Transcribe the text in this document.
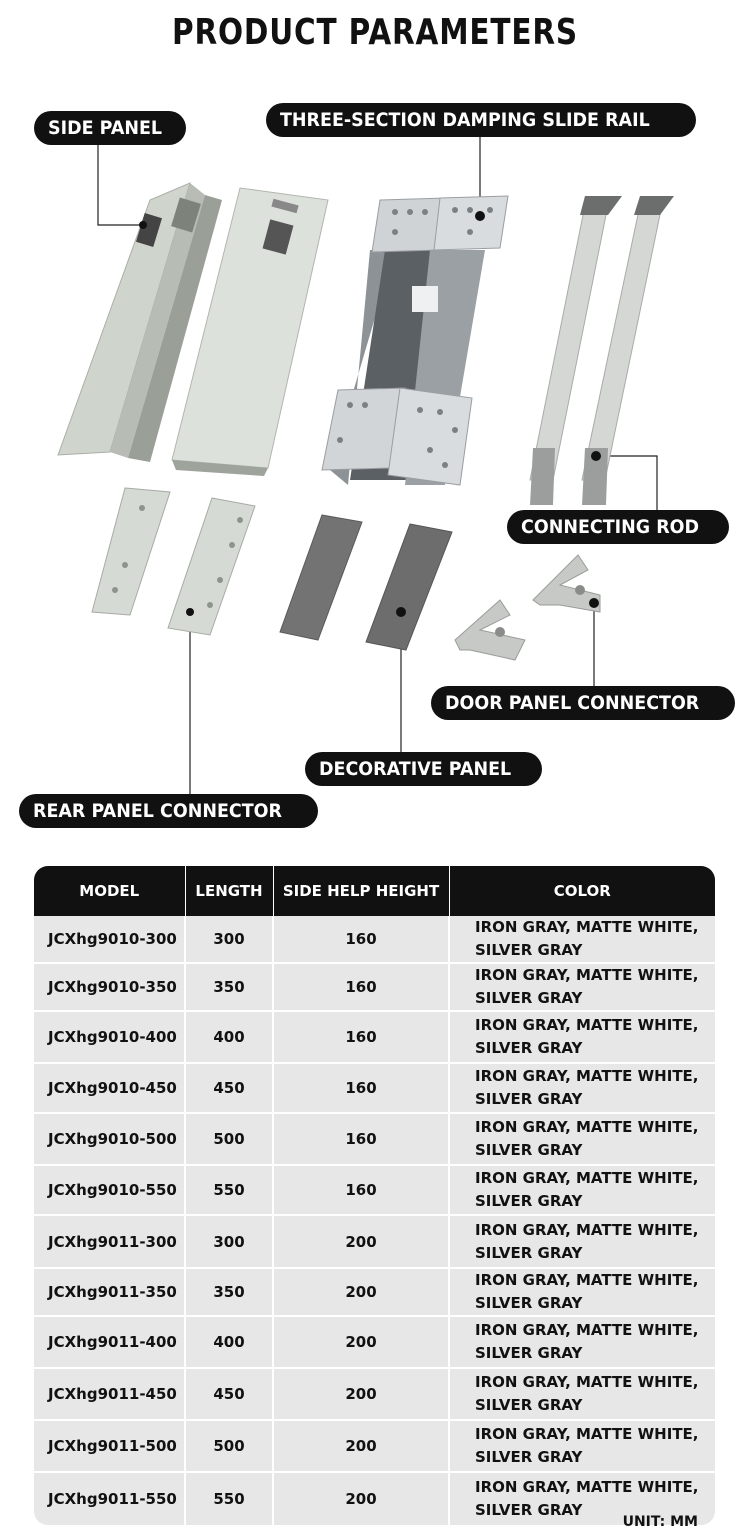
PRODUCT PARAMETERS
SIDE PANEL	THREE-SECTION DAMPING SLIDE RAIL
CONNECTING ROD
DOOR PANEL CONNECTOR
DECORATIVE PANEL
REAR PANEL CONNECTOR
MODEL	LENGTH	SIDE HELP HEIGHT	COLOR
JCXhg9010-300	300	160	IRON GRAY, MATTE WHITE, SILVER GRAY
JCXhg9010-350	350	160	IRON GRAY, MATTE WHITE, SILVER GRAY
JCXhg9010-400	400	160	IRON GRAY, MATTE WHITE, SILVER GRAY
JCXhg9010-450	450	160	IRON GRAY, MATTE WHITE, SILVER GRAY
JCXhg9010-500	500	160	IRON GRAY, MATTE WHITE, SILVER GRAY
JCXhg9010-550	550	160	IRON GRAY, MATTE WHITE, SILVER GRAY
JCXhg9011-300	300	200	IRON GRAY, MATTE WHITE, SILVER GRAY
JCXhg9011-350	350	200	IRON GRAY, MATTE WHITE, SILVER GRAY
JCXhg9011-400	400	200	IRON GRAY, MATTE WHITE, SILVER GRAY
JCXhg9011-450	450	200	IRON GRAY, MATTE WHITE, SILVER GRAY
JCXhg9011-500	500	200	IRON GRAY, MATTE WHITE, SILVER GRAY
JCXhg9011-550	550	200	IRON GRAY, MATTE WHITE, SILVER GRAY
UNIT: MM
